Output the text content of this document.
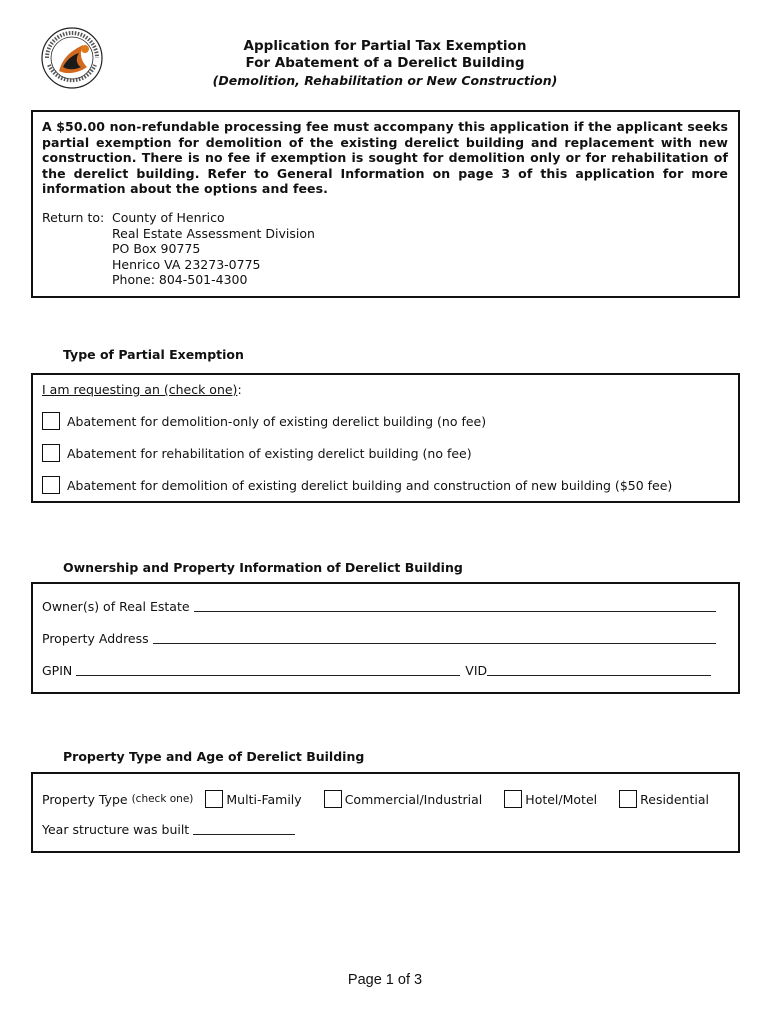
Application for Partial Tax Exemption
For Abatement of a Derelict Building
(Demolition, Rehabilitation or New Construction)
A $50.00 non-refundable processing fee must accompany this application if the applicant seeks partial exemption for demolition of the existing derelict building and replacement with new construction. There is no fee if exemption is sought for demolition only or for rehabilitation of the derelict building. Refer to General Information on page 3 of this application for more information about the options and fees.
Return to: County of Henrico
Real Estate Assessment Division
PO Box 90775
Henrico VA 23273-0775
Phone: 804-501-4300
Type of Partial Exemption
I am requesting an (check one):
Abatement for demolition-only of existing derelict building (no fee)
Abatement for rehabilitation of existing derelict building (no fee)
Abatement for demolition of existing derelict building and construction of new building ($50 fee)
Ownership and Property Information of Derelict Building
Owner(s) of Real Estate
Property Address
GPIN	VID
Property Type and Age of Derelict Building
Property Type (check one)	Multi-Family	Commercial/Industrial	Hotel/Motel	Residential
Year structure was built
Page 1 of 3
